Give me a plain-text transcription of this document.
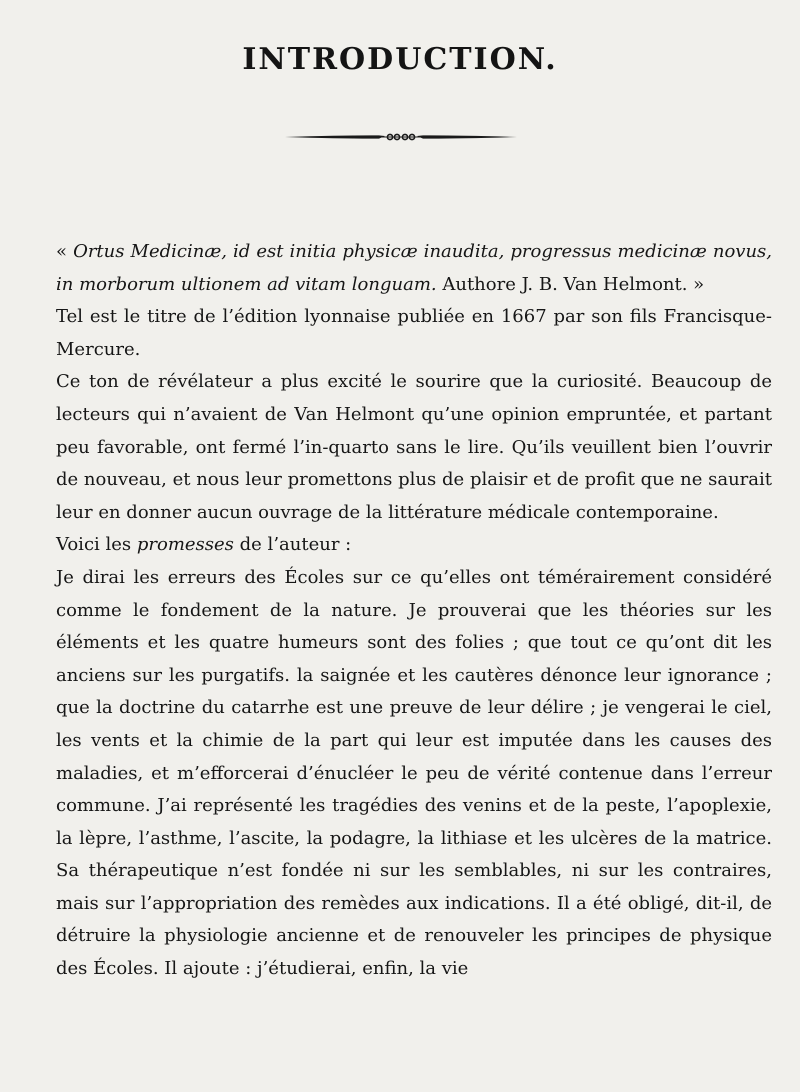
INTRODUCTION.

« Ortus Medicinæ, id est initia physicæ inaudita, progressus medicinæ novus, in morborum ultionem ad vitam longuam. Authore J. B. Van Helmont. »

Tel est le titre de l’édition lyonnaise publiée en 1667 par son fils Francisque-Mercure.

Ce ton de révélateur a plus excité le sourire que la curiosité. Beaucoup de lecteurs qui n’avaient de Van Helmont qu’une opinion empruntée, et partant peu favorable, ont fermé l’in-quarto sans le lire. Qu’ils veuillent bien l’ouvrir de nouveau, et nous leur promettons plus de plaisir et de profit que ne saurait leur en donner aucun ouvrage de la littérature médicale contemporaine.

Voici les promesses de l’auteur :

Je dirai les erreurs des Écoles sur ce qu’elles ont témérairement considéré comme le fondement de la nature. Je prouverai que les théories sur les éléments et les quatre humeurs sont des folies ; que tout ce qu’ont dit les anciens sur les purgatifs. la saignée et les cautères dénonce leur ignorance ; que la doctrine du catarrhe est une preuve de leur délire ; je vengerai le ciel, les vents et la chimie de la part qui leur est imputée dans les causes des maladies, et m’efforcerai d’énucléer le peu de vérité contenue dans l’erreur commune. J’ai représenté les tragédies des venins et de la peste, l’apoplexie, la lèpre, l’asthme, l’ascite, la podagre, la lithiase et les ulcères de la matrice. Sa thérapeutique n’est fondée ni sur les semblables, ni sur les contraires, mais sur l’appropriation des remèdes aux indications. Il a été obligé, dit-il, de détruire la physiologie ancienne et de renouveler les principes de physique des Écoles. Il ajoute : j’étudierai, enfin, la vie
